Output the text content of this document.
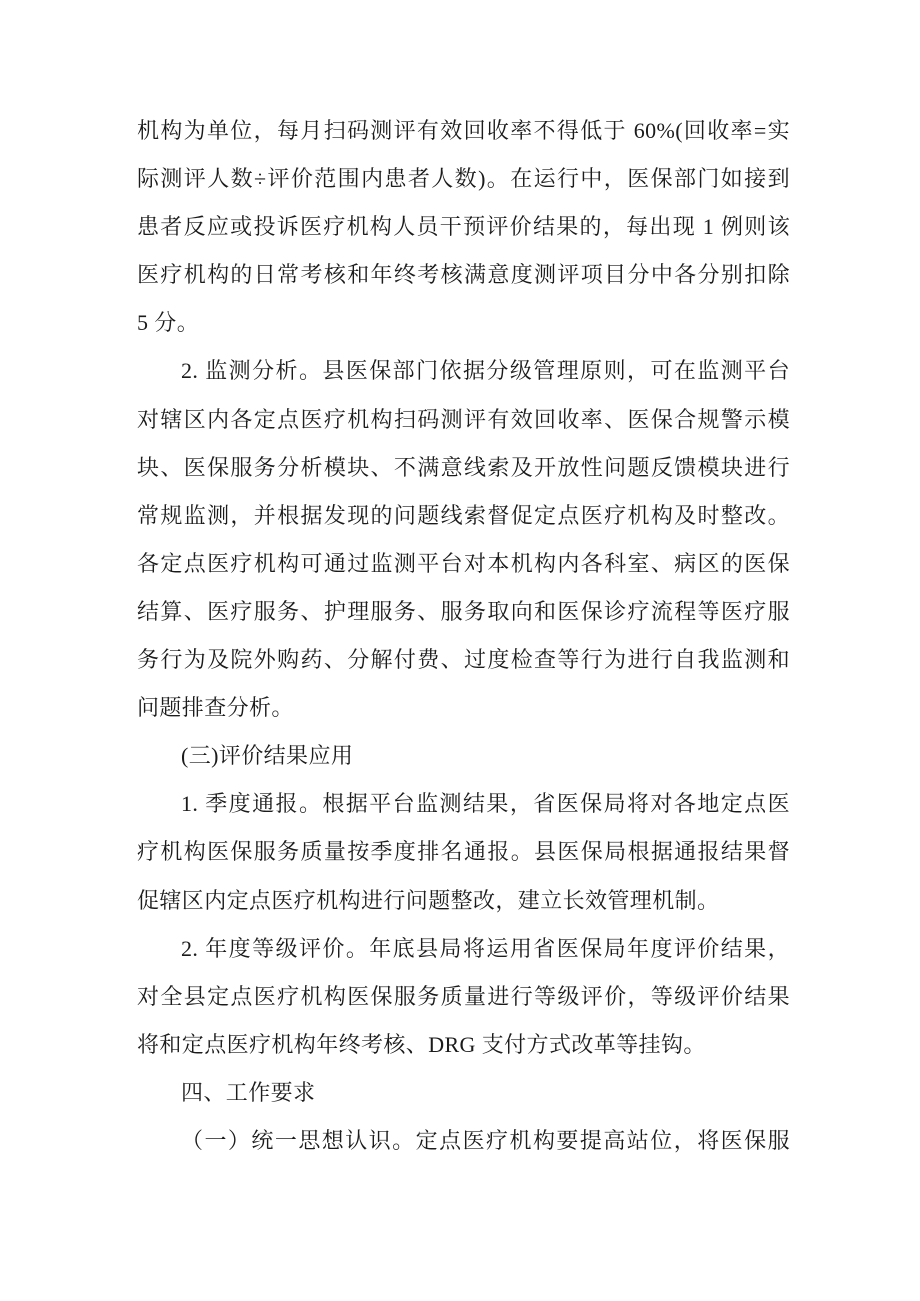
机构为单位，每月扫码测评有效回收率不得低于 60%(回收率=实
际测评人数÷评价范围内患者人数)。在运行中，医保部门如接到
患者反应或投诉医疗机构人员干预评价结果的，每出现 1 例则该
医疗机构的日常考核和年终考核满意度测评项目分中各分别扣除
5 分。
2. 监测分析。县医保部门依据分级管理原则，可在监测平台
对辖区内各定点医疗机构扫码测评有效回收率、医保合规警示模
块、医保服务分析模块、不满意线索及开放性问题反馈模块进行
常规监测，并根据发现的问题线索督促定点医疗机构及时整改。
各定点医疗机构可通过监测平台对本机构内各科室、病区的医保
结算、医疗服务、护理服务、服务取向和医保诊疗流程等医疗服
务行为及院外购药、分解付费、过度检查等行为进行自我监测和
问题排查分析。
(三)评价结果应用
1. 季度通报。根据平台监测结果，省医保局将对各地定点医
疗机构医保服务质量按季度排名通报。县医保局根据通报结果督
促辖区内定点医疗机构进行问题整改，建立长效管理机制。
2. 年度等级评价。年底县局将运用省医保局年度评价结果，
对全县定点医疗机构医保服务质量进行等级评价，等级评价结果
将和定点医疗机构年终考核、DRG 支付方式改革等挂钩。
四、工作要求
（一）统一思想认识。定点医疗机构要提高站位，将医保服
